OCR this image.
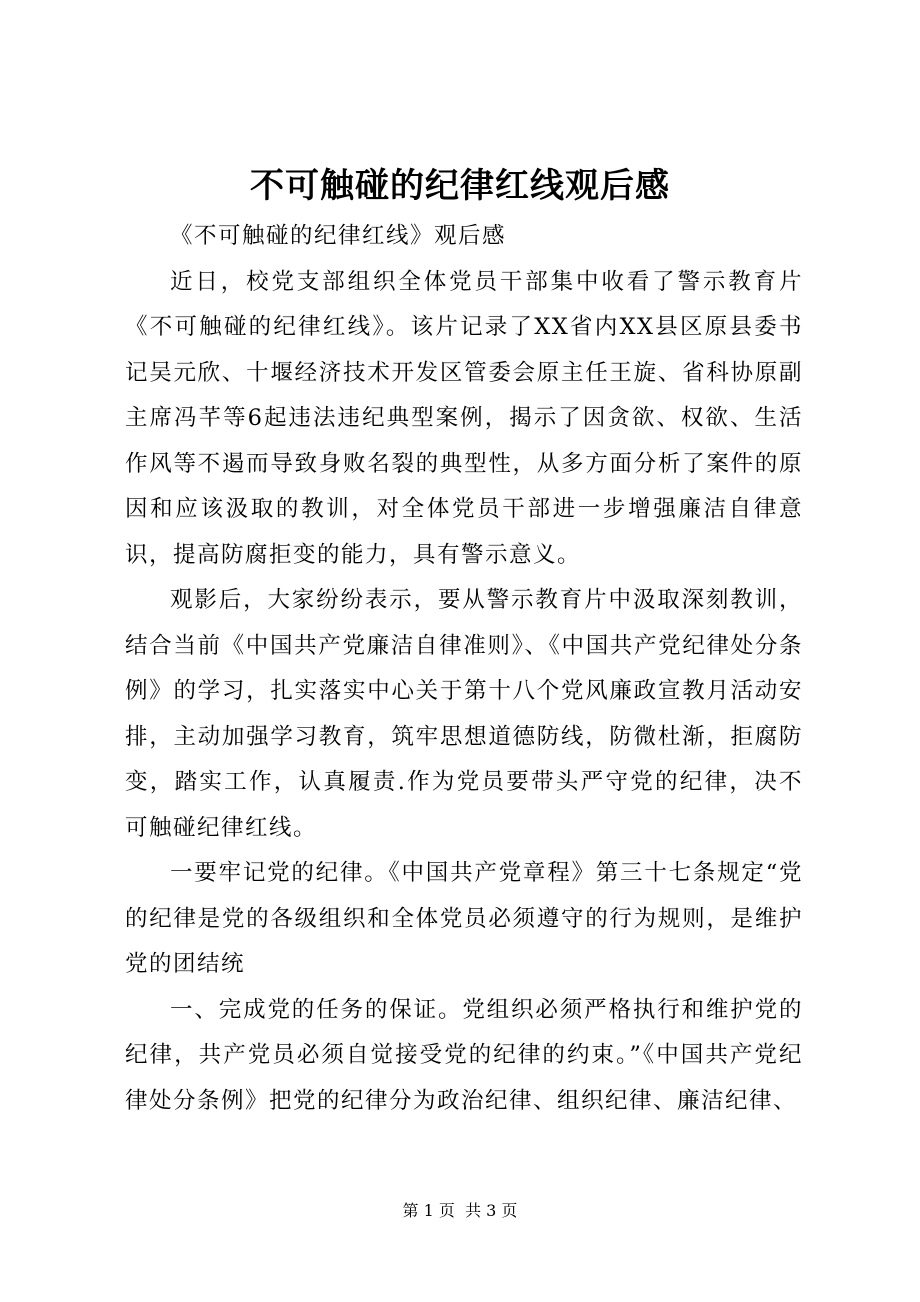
不可触碰的纪律红线观后感

《不可触碰的纪律红线》观后感

近日，校党支部组织全体党员干部集中收看了警示教育片《不可触碰的纪律红线》。该片记录了XX省内XX县区原县委书记吴元欣、十堰经济技术开发区管委会原主任王旋、省科协原副主席冯芊等6起违法违纪典型案例，揭示了因贪欲、权欲、生活作风等不遏而导致身败名裂的典型性，从多方面分析了案件的原因和应该汲取的教训，对全体党员干部进一步增强廉洁自律意识，提高防腐拒变的能力，具有警示意义。

观影后，大家纷纷表示，要从警示教育片中汲取深刻教训，结合当前《中国共产党廉洁自律准则》、《中国共产党纪律处分条例》的学习，扎实落实中心关于第十八个党风廉政宣教月活动安排，主动加强学习教育，筑牢思想道德防线，防微杜渐，拒腐防变，踏实工作，认真履责.作为党员要带头严守党的纪律，决不可触碰纪律红线。

一要牢记党的纪律。《中国共产党章程》第三十七条规定“党的纪律是党的各级组织和全体党员必须遵守的行为规则，是维护党的团结统

一、完成党的任务的保证。党组织必须严格执行和维护党的纪律，共产党员必须自觉接受党的纪律的约束。”《中国共产党纪律处分条例》把党的纪律分为政治纪律、组织纪律、廉洁纪律、

第 1 页  共 3 页
